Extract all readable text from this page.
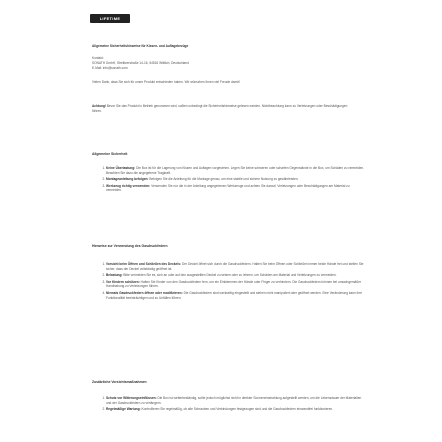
LIFETIME
Allgemeine Sicherheitshinweise für Kissen- und Auflagebezüge
Kontakt:
SONATH GmbH, Strelitzerstraße 14-16, 54516 Wittlich, Deutschland
E-Mail: info@sonath.com
Vielen Dank, dass Sie sich für unser Produkt entschieden haben. Wir wünschen Ihnen viel Freude damit!
Achtung! Bevor Sie das Produkt in Betrieb genommen wird, sollten unbedingt die Sicherheitshinweise gelesen werden. Nichtbeachtung kann zu Verletzungen oder Beschädigungen führen.
Allgemeine Sicherheit
1. Keine Überlastung: Die Box ist für die Lagerung von Kissen und Auflagen vorgesehen. Legen Sie keine schweren oder scharfen Gegenstände in die Box, um Schäden zu vermeiden. Beachten Sie dazu die angegebene Tragkraft.
2. Montageanleitung befolgen: Befolgen Sie die Anleitung für die Montage genau, um eine stabile und sichere Nutzung zu gewährleisten.
3. Werkzeug richtig verwenden: Verwenden Sie nur die in der Anleitung angegebenen Werkzeuge und achten Sie darauf, Verletzungen oder Beschädigungen am Material zu vermeiden.
Hinweise zur Verwendung des Gasdruckfedern
1. Vorsicht beim Öffnen und Schließen des Deckels: Der Deckel öffnet sich durch die Gasdruckfedern. Halten Sie beim Öffnen oder Schließen immer beide Hände frei und stellen Sie sicher, dass der Deckel vollständig geöffnet ist.
2. Belastung: Bitte vermeiden Sie es, sich an oder auf den ausgestellten Deckel zu setzen oder zu lehnen, um Schäden am Material und Verletzungen zu vermeiden.
3. Vor Kindern schützen: Halten Sie Kinder von den Gasdruckfedern fern, um ein Einklemmen der Hände oder Finger zu verhindern. Die Gasdruckfedern können bei unsachgemäßer Handhabung zu Verletzungen führen.
4. Niemals Gasdruckfedern öffnen oder modifizieren: Die Gasdruckfedern sind werkseitig eingestellt und stehen nicht manipuliert oder geöffnet werden. Eine Veränderung kann ihre Funktionalität beeinträchtigen und zu Unfällen führen.
Zusätzliche Vorsichtsmaßnahmen
1. Schutz vor Witterungseinflüssen: Die Box ist wetterbeständig, sollte jedoch möglichst nicht in direkter Sonneneinstrahlung aufgestellt werden, um die Lebensdauer der Materialien und der Gasdruckfedern zu verlängern.
2. Regelmäßige Wartung: Kontrollieren Sie regelmäßig, ob alle Schrauben und Verbindungen festgezogen sind und die Gasdruckfedern einwandfrei funktionieren.
